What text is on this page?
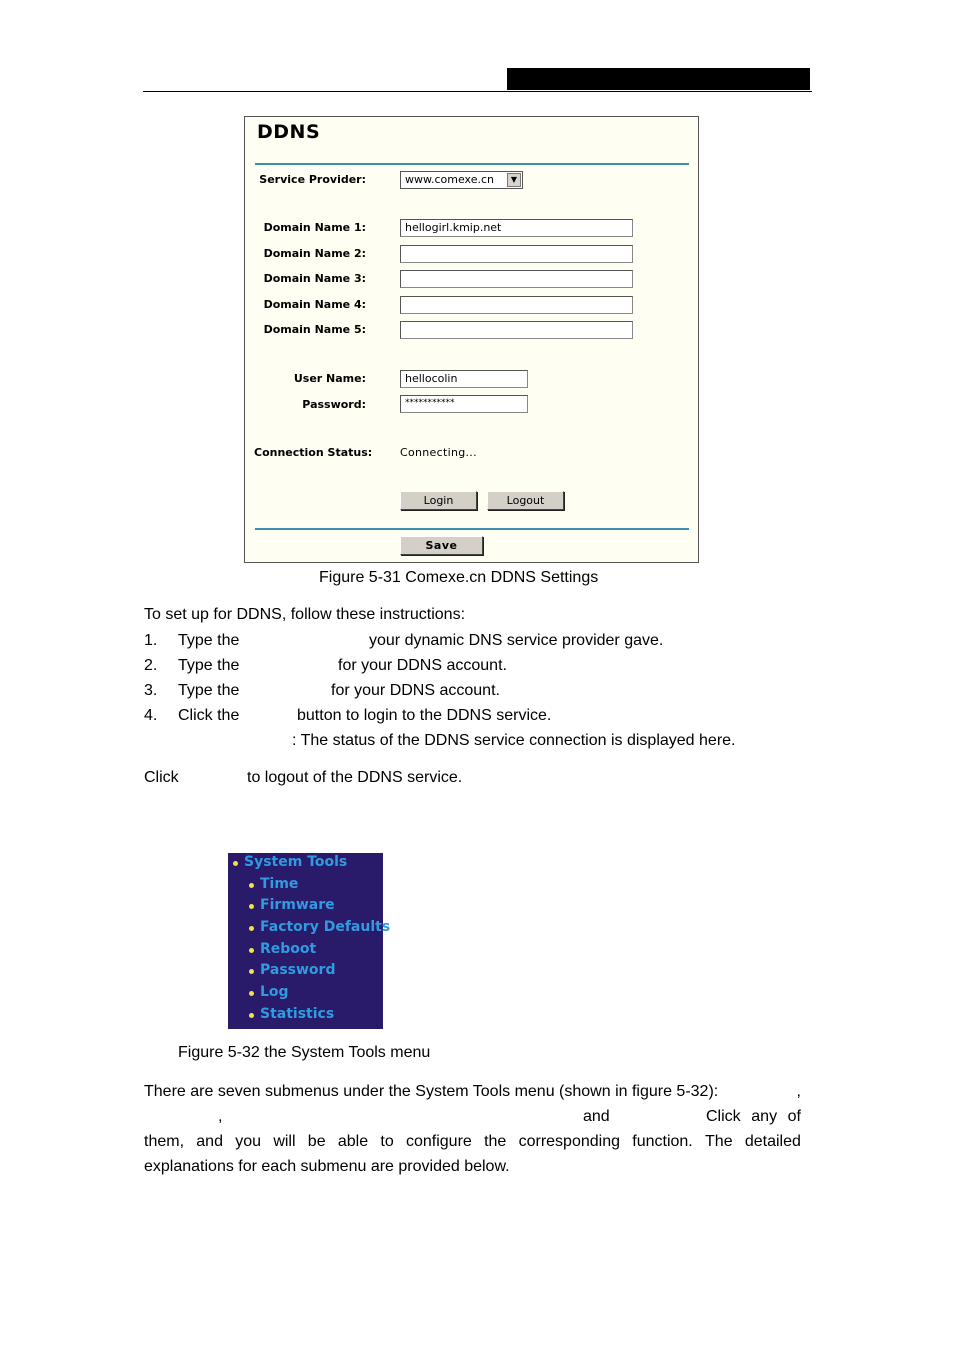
DDNS
Service Provider:	www.comexe.cn	▼
Domain Name 1:	hellogirl.kmip.net
Domain Name 2:
Domain Name 3:
Domain Name 4:
Domain Name 5:
User Name:	hellocolin
Password:	***********
Connection Status:	Connecting...
Login	Logout
Save
Figure 5-31 Comexe.cn DDNS Settings
To set up for DDNS, follow these instructions:
1. Type the	your dynamic DNS service provider gave.
2. Type the	for your DDNS account.
3. Type the	for your DDNS account.
4. Click the	button to login to the DDNS service.
: The status of the DDNS service connection is displayed here.
Click	to logout of the DDNS service.
System Tools
Time
Firmware
Factory Defaults
Reboot
Password
Log
Statistics
Figure 5-32 the System Tools menu
There are seven submenus under the System Tools menu (shown in figure 5-32):	,
,	and	Click any of
them, and you will be able to configure the corresponding function. The detailed
explanations for each submenu are provided below.
